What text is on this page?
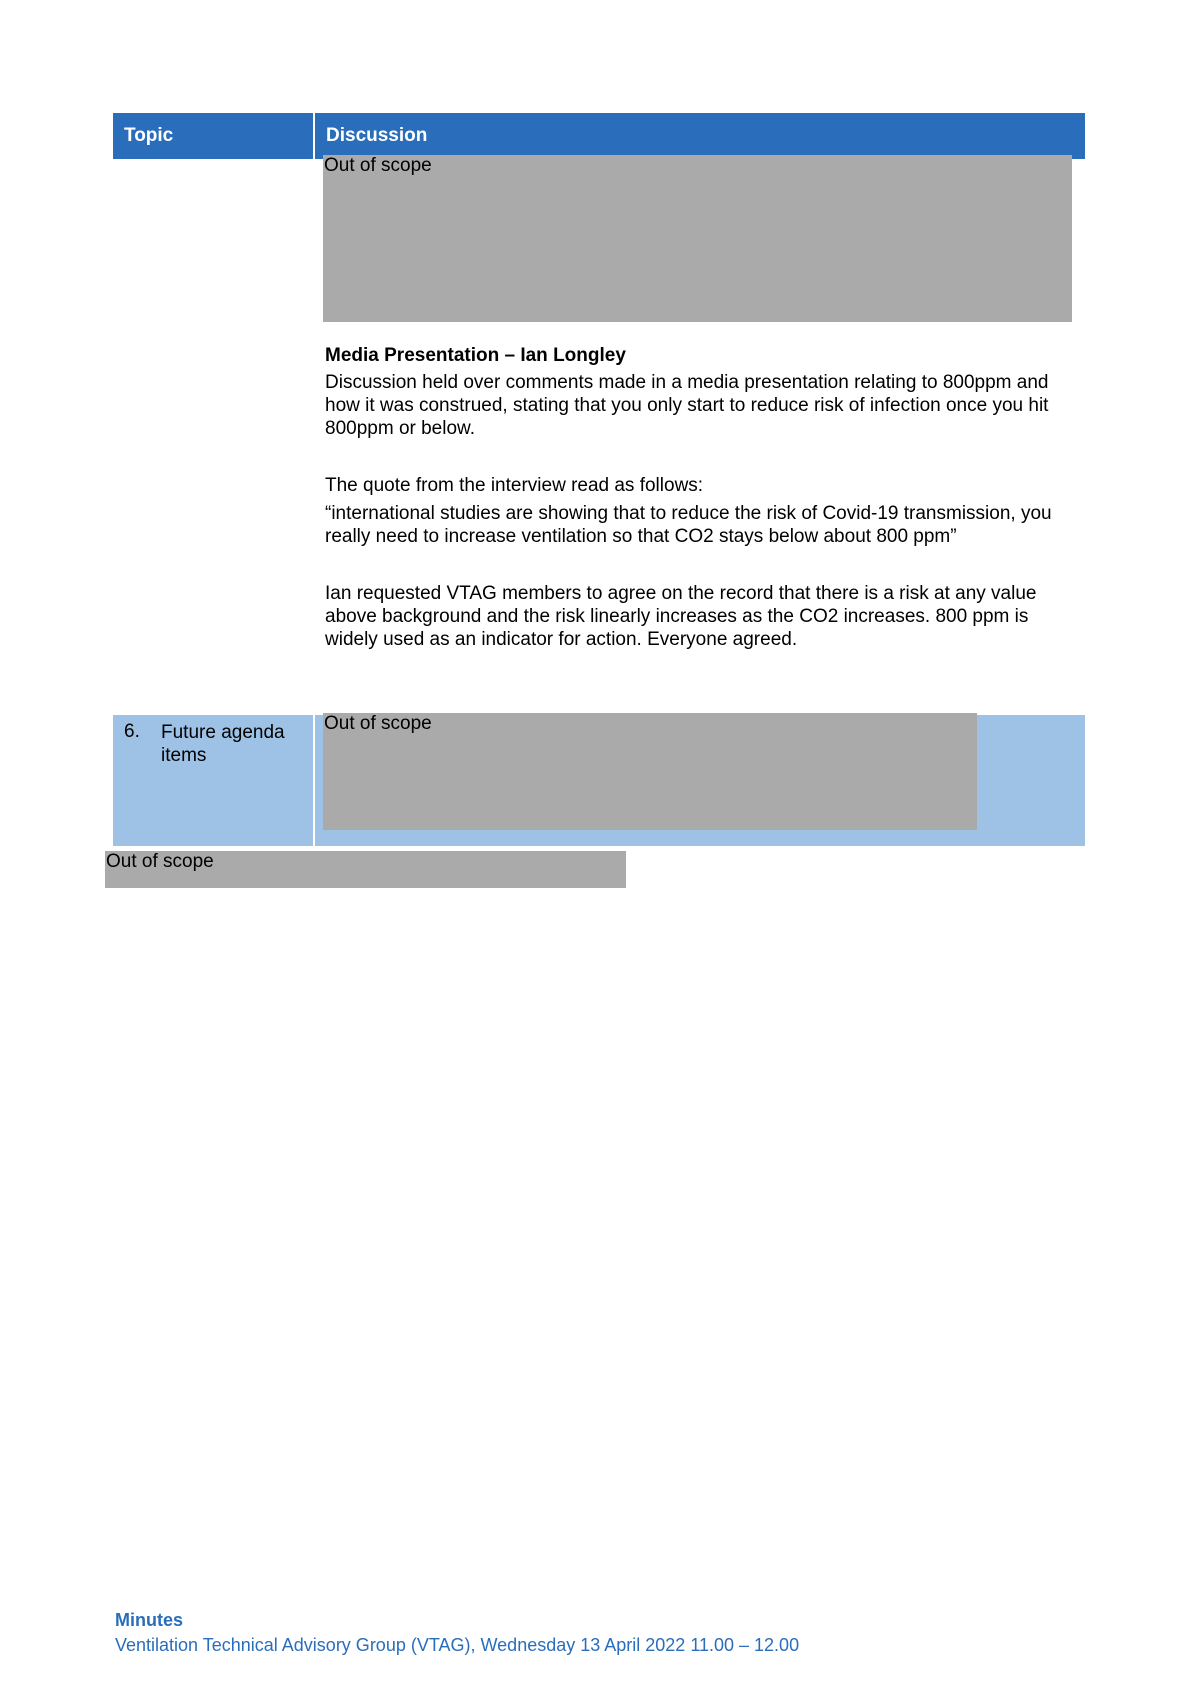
Topic	Discussion
Out of scope

Media Presentation – Ian Longley

Discussion held over comments made in a media presentation relating to 800ppm and how it was construed, stating that you only start to reduce risk of infection once you hit 800ppm or below.

The quote from the interview read as follows:

“international studies are showing that to reduce the risk of Covid-19 transmission, you really need to increase ventilation so that CO2 stays below about 800 ppm”

Ian requested VTAG members to agree on the record that there is a risk at any value above background and the risk linearly increases as the CO2 increases. 800 ppm is widely used as an indicator for action. Everyone agreed.

6. Future agenda items
Out of scope
Out of scope
Minutes
Ventilation Technical Advisory Group (VTAG), Wednesday 13 April 2022 11.00 – 12.00
